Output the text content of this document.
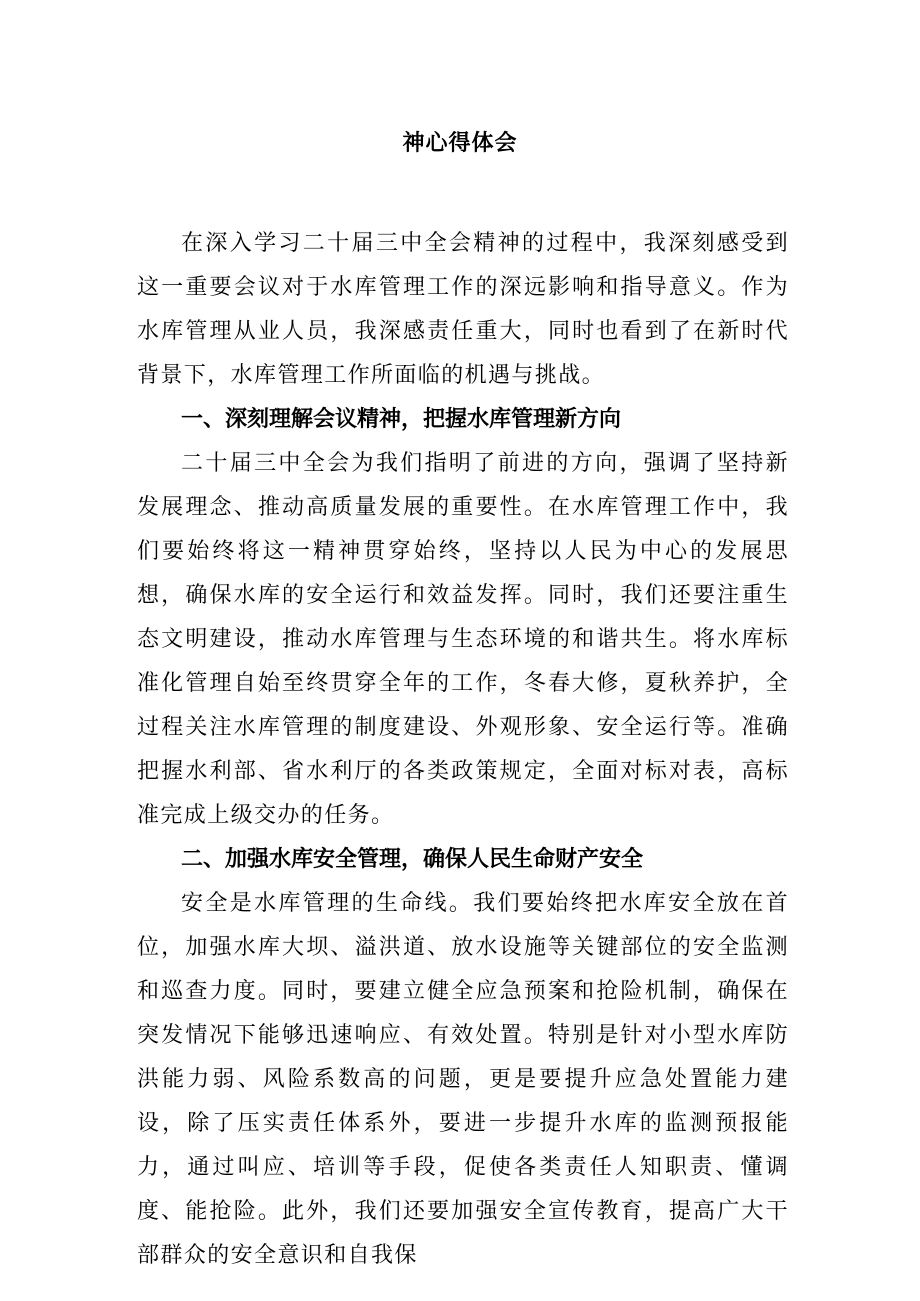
神心得体会

在深入学习二十届三中全会精神的过程中，我深刻感受到这一重要会议对于水库管理工作的深远影响和指导意义。作为水库管理从业人员，我深感责任重大，同时也看到了在新时代背景下，水库管理工作所面临的机遇与挑战。

一、深刻理解会议精神，把握水库管理新方向

二十届三中全会为我们指明了前进的方向，强调了坚持新发展理念、推动高质量发展的重要性。在水库管理工作中，我们要始终将这一精神贯穿始终，坚持以人民为中心的发展思想，确保水库的安全运行和效益发挥。同时，我们还要注重生态文明建设，推动水库管理与生态环境的和谐共生。将水库标准化管理自始至终贯穿全年的工作，冬春大修，夏秋养护，全过程关注水库管理的制度建设、外观形象、安全运行等。准确把握水利部、省水利厅的各类政策规定，全面对标对表，高标准完成上级交办的任务。

二、加强水库安全管理，确保人民生命财产安全

安全是水库管理的生命线。我们要始终把水库安全放在首位，加强水库大坝、溢洪道、放水设施等关键部位的安全监测和巡查力度。同时，要建立健全应急预案和抢险机制，确保在突发情况下能够迅速响应、有效处置。特别是针对小型水库防洪能力弱、风险系数高的问题，更是要提升应急处置能力建设，除了压实责任体系外，要进一步提升水库的监测预报能力，通过叫应、培训等手段，促使各类责任人知职责、懂调度、能抢险。此外，我们还要加强安全宣传教育，提高广大干部群众的安全意识和自我保
